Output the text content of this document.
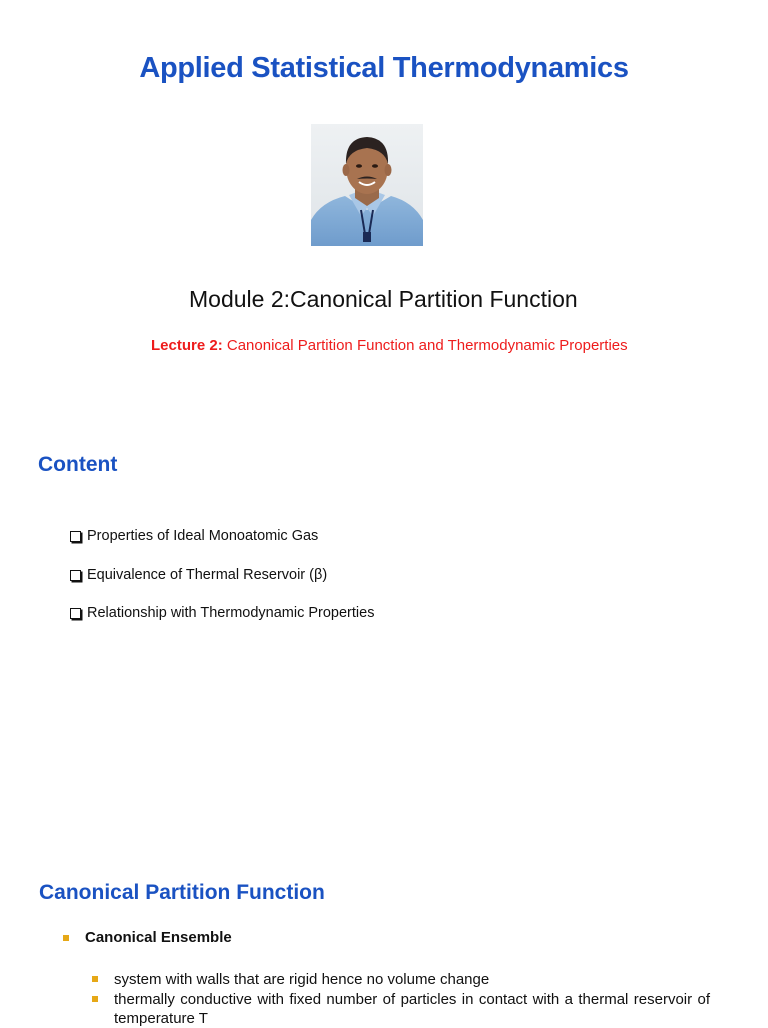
Applied Statistical Thermodynamics
Module 2:Canonical Partition Function
Lecture 2: Canonical Partition Function and Thermodynamic Properties
Content
Properties of Ideal Monoatomic Gas
Equivalence of Thermal Reservoir (β)
Relationship with Thermodynamic Properties
Canonical Partition Function
Canonical Ensemble
system with walls that are rigid hence no volume change
thermally conductive with fixed number of particles in contact with a thermal reservoir of temperature T
